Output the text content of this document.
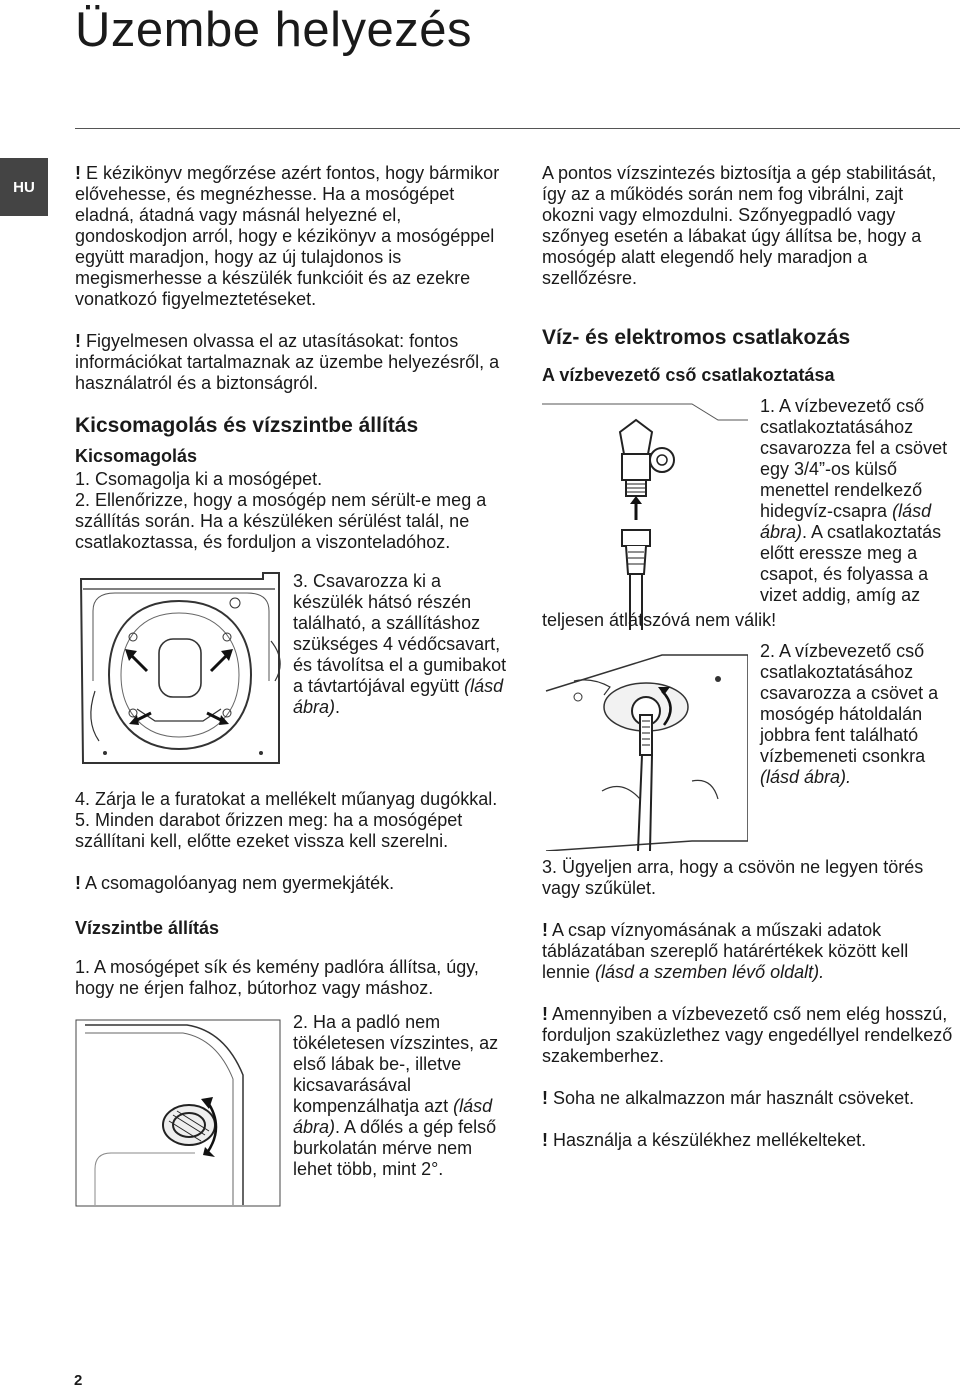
Üzembe helyezés
HU

! E kézikönyv megőrzése azért fontos, hogy bármikor elővehesse, és megnézhesse. Ha a mosógépet eladná, átadná vagy másnál helyezné el, gondoskodjon arról, hogy e kézikönyv a mosógéppel együtt maradjon, hogy az új tulajdonos is megismerhesse a készülék funkcióit és az ezekre vonatkozó figyelmeztetéseket.

! Figyelmesen olvassa el az utasításokat: fontos információkat tartalmaznak az üzembe helyezésről, a használatról és a biztonságról.

Kicsomagolás és vízszintbe állítás
Kicsomagolás

1. Csomagolja ki a mosógépet.

2. Ellenőrizze, hogy a mosógép nem sérült-e meg a szállítás során. Ha a készüléken sérülést talál, ne csatlakoztassa, és forduljon a viszonteladóhoz.

3. Csavarozza ki a készülék hátsó részén található, a szállításhoz szükséges 4 védőcsavart, és távolítsa el a gumibakot a távtartójával együtt (lásd ábra).

4. Zárja le a furatokat a mellékelt műanyag dugókkal.

5. Minden darabot őrizzen meg: ha a mosógépet szállítani kell, előtte ezeket vissza kell szerelni.

! A csomagolóanyag nem gyermekjáték.

Vízszintbe állítás

1. A mosógépet sík és kemény padlóra állítsa, úgy, hogy ne érjen falhoz, bútorhoz vagy máshoz.

2. Ha a padló nem tökéletesen vízszintes, az első lábak be-, illetve kicsavarásával kompenzálhatja azt (lásd ábra). A dőlés a gép felső burkolatán mérve nem lehet több, mint 2°.

A pontos vízszintezés biztosítja a gép stabilitását, így az a működés során nem fog vibrálni, zajt okozni vagy elmozdulni. Szőnyegpadló vagy szőnyeg esetén a lábakat úgy állítsa be, hogy a mosógép alatt elegendő hely maradjon a szellőzésre.

Víz- és elektromos csatlakozás
A vízbevezető cső csatlakoztatása

1. A vízbevezető cső csatlakoztatásához csavarozza fel a csövet egy 3/4”-os külső menettel rendelkező hidegvíz-csapra (lásd ábra). A csatlakoztatás előtt eressze meg a csapot, és folyassa a vizet addig, amíg az

teljesen átlátszóvá nem válik!

2. A vízbevezető cső csatlakoztatásához csavarozza a csövet a mosógép hátoldalán jobbra fent található vízbemeneti csonkra (lásd ábra).

3. Ügyeljen arra, hogy a csövön ne legyen törés vagy szűkület.

! A csap víznyomásának a műszaki adatok táblázatában szereplő határértékek között kell lennie (lásd a szemben lévő oldalt).

! Amennyiben a vízbevezető cső nem elég hosszú, forduljon szaküzlethez vagy engedéllyel rendelkező szakemberhez.

! Soha ne alkalmazzon már használt csöveket.

! Használja a készülékhez mellékelteket.

2
